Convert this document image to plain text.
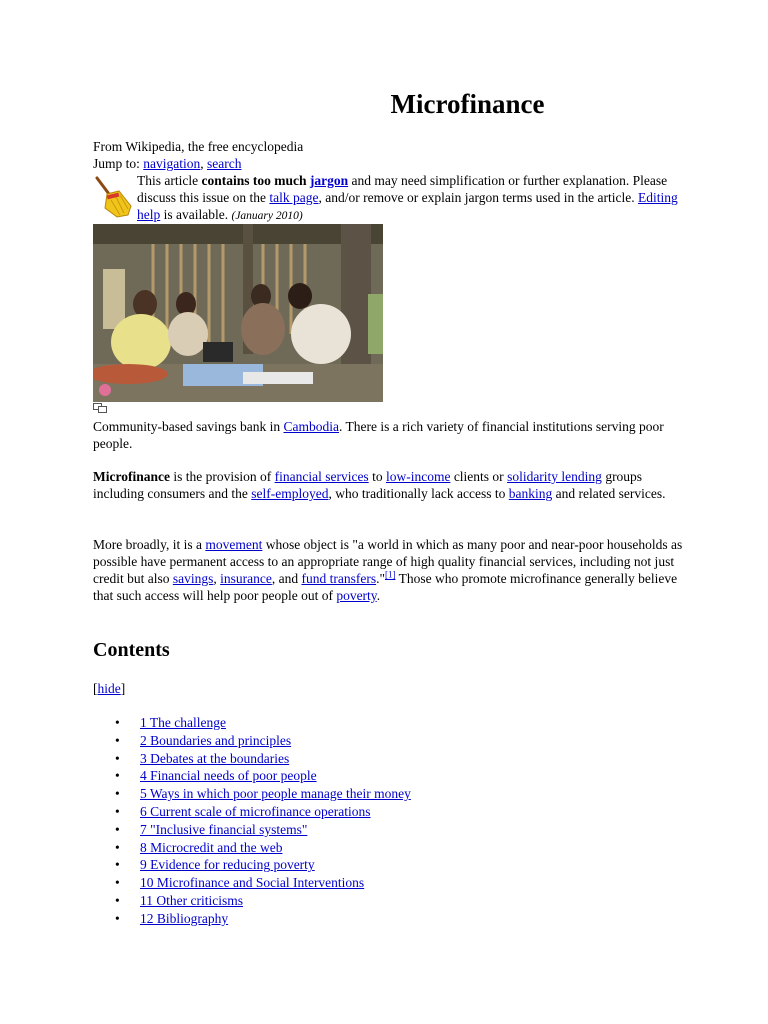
Microfinance
From Wikipedia, the free encyclopedia
Jump to: navigation, search
This article contains too much jargon and may need simplification or further explanation. Please discuss this issue on the talk page, and/or remove or explain jargon terms used in the article. Editing help is available. (January 2010)
Community-based savings bank in Cambodia. There is a rich variety of financial institutions serving poor people.
Microfinance is the provision of financial services to low-income clients or solidarity lending groups including consumers and the self-employed, who traditionally lack access to banking and related services.
More broadly, it is a movement whose object is "a world in which as many poor and near-poor households as possible have permanent access to an appropriate range of high quality financial services, including not just credit but also savings, insurance, and fund transfers."[1] Those who promote microfinance generally believe that such access will help poor people out of poverty.
Contents
[hide]
• 1 The challenge
• 2 Boundaries and principles
• 3 Debates at the boundaries
• 4 Financial needs of poor people
• 5 Ways in which poor people manage their money
• 6 Current scale of microfinance operations
• 7 "Inclusive financial systems"
• 8 Microcredit and the web
• 9 Evidence for reducing poverty
• 10 Microfinance and Social Interventions
• 11 Other criticisms
• 12 Bibliography
